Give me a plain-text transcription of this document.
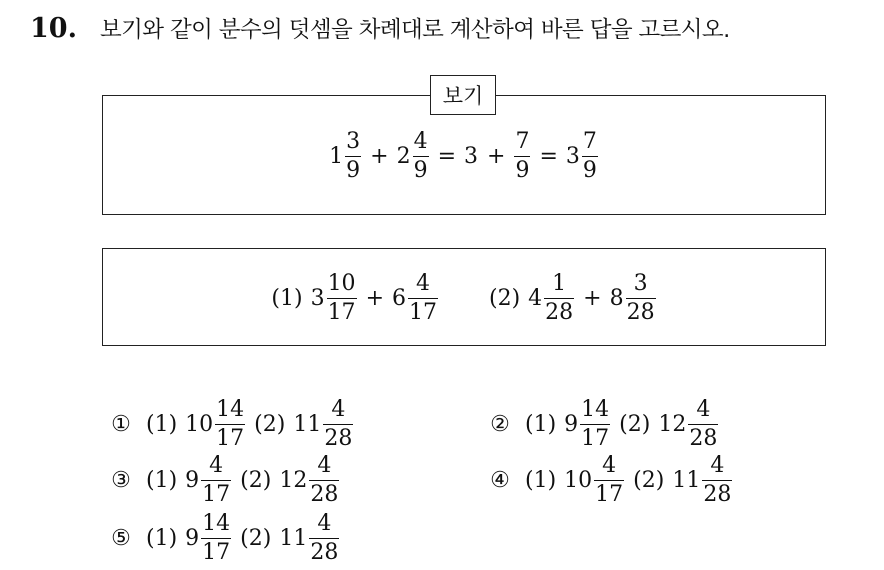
10.	보기와 같이 분수의 덧셈을 차례대로 계산하여 바른 답을 고르시오.
$1 \frac{3}{9} + 2 \frac{4}{9} = 3 + \frac{7}{9} = 3 \frac{7}{9}$
보기
(1) $3 \frac{10}{17} + 6 \frac{4}{17} (2)$ $4 \frac{1}{28} + 8 \frac{3}{28}$
① (1) $10 \frac{14}{17} (2)$ $11 \frac{4}{28}$	② (1) $9 \frac{14}{17} (2)$ $12 \frac{4}{28}$
③ (1) $9 \frac{4}{17} (2)$ $12 \frac{4}{28}$	④ (1) $10 \frac{4}{17} (2)$ $11 \frac{4}{28}$
⑤ (1) $9 \frac{14}{17} (2)$ $11 \frac{4}{28}$
